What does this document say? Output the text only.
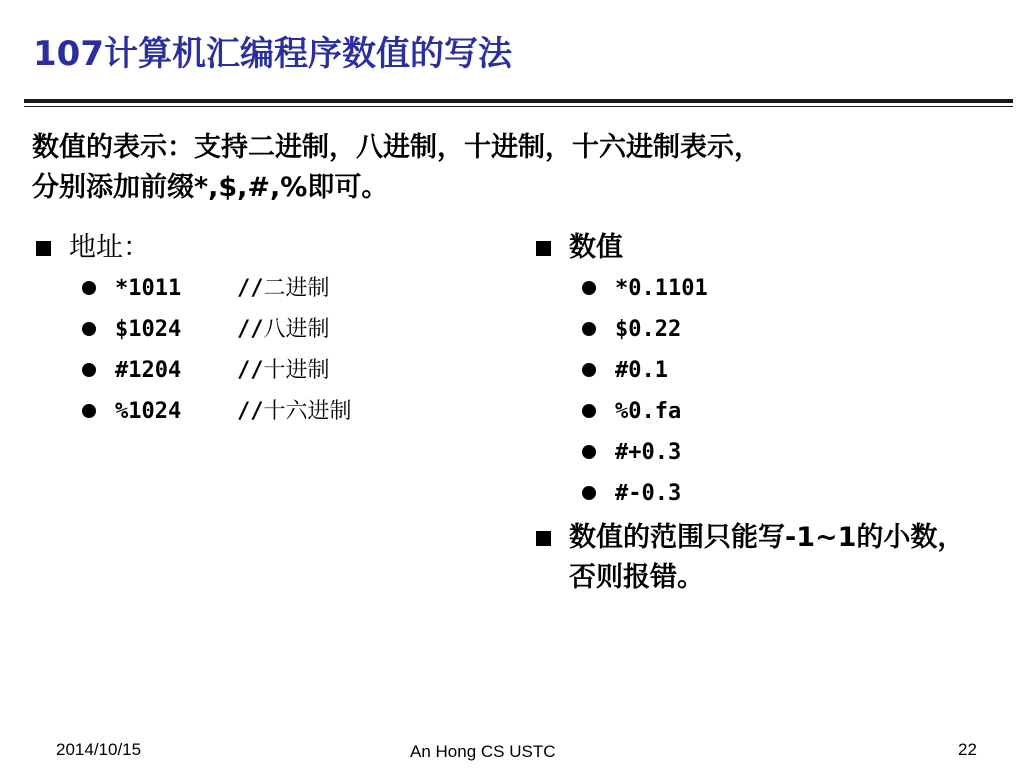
107计算机汇编程序数值的写法
数值的表示：支持二进制，八进制，十进制，十六进制表示，
分别添加前缀*,$,#,%即可。
地址：
*1011	//二进制
$1024	//八进制
#1204	//十进制
%1024	//十六进制
数值
*0.1101
$0.22
#0.1
%0.fa
#+0.3
#-0.3
数值的范围只能写-1~1的小数，否则报错。
2014/10/15	An Hong CS USTC	22
